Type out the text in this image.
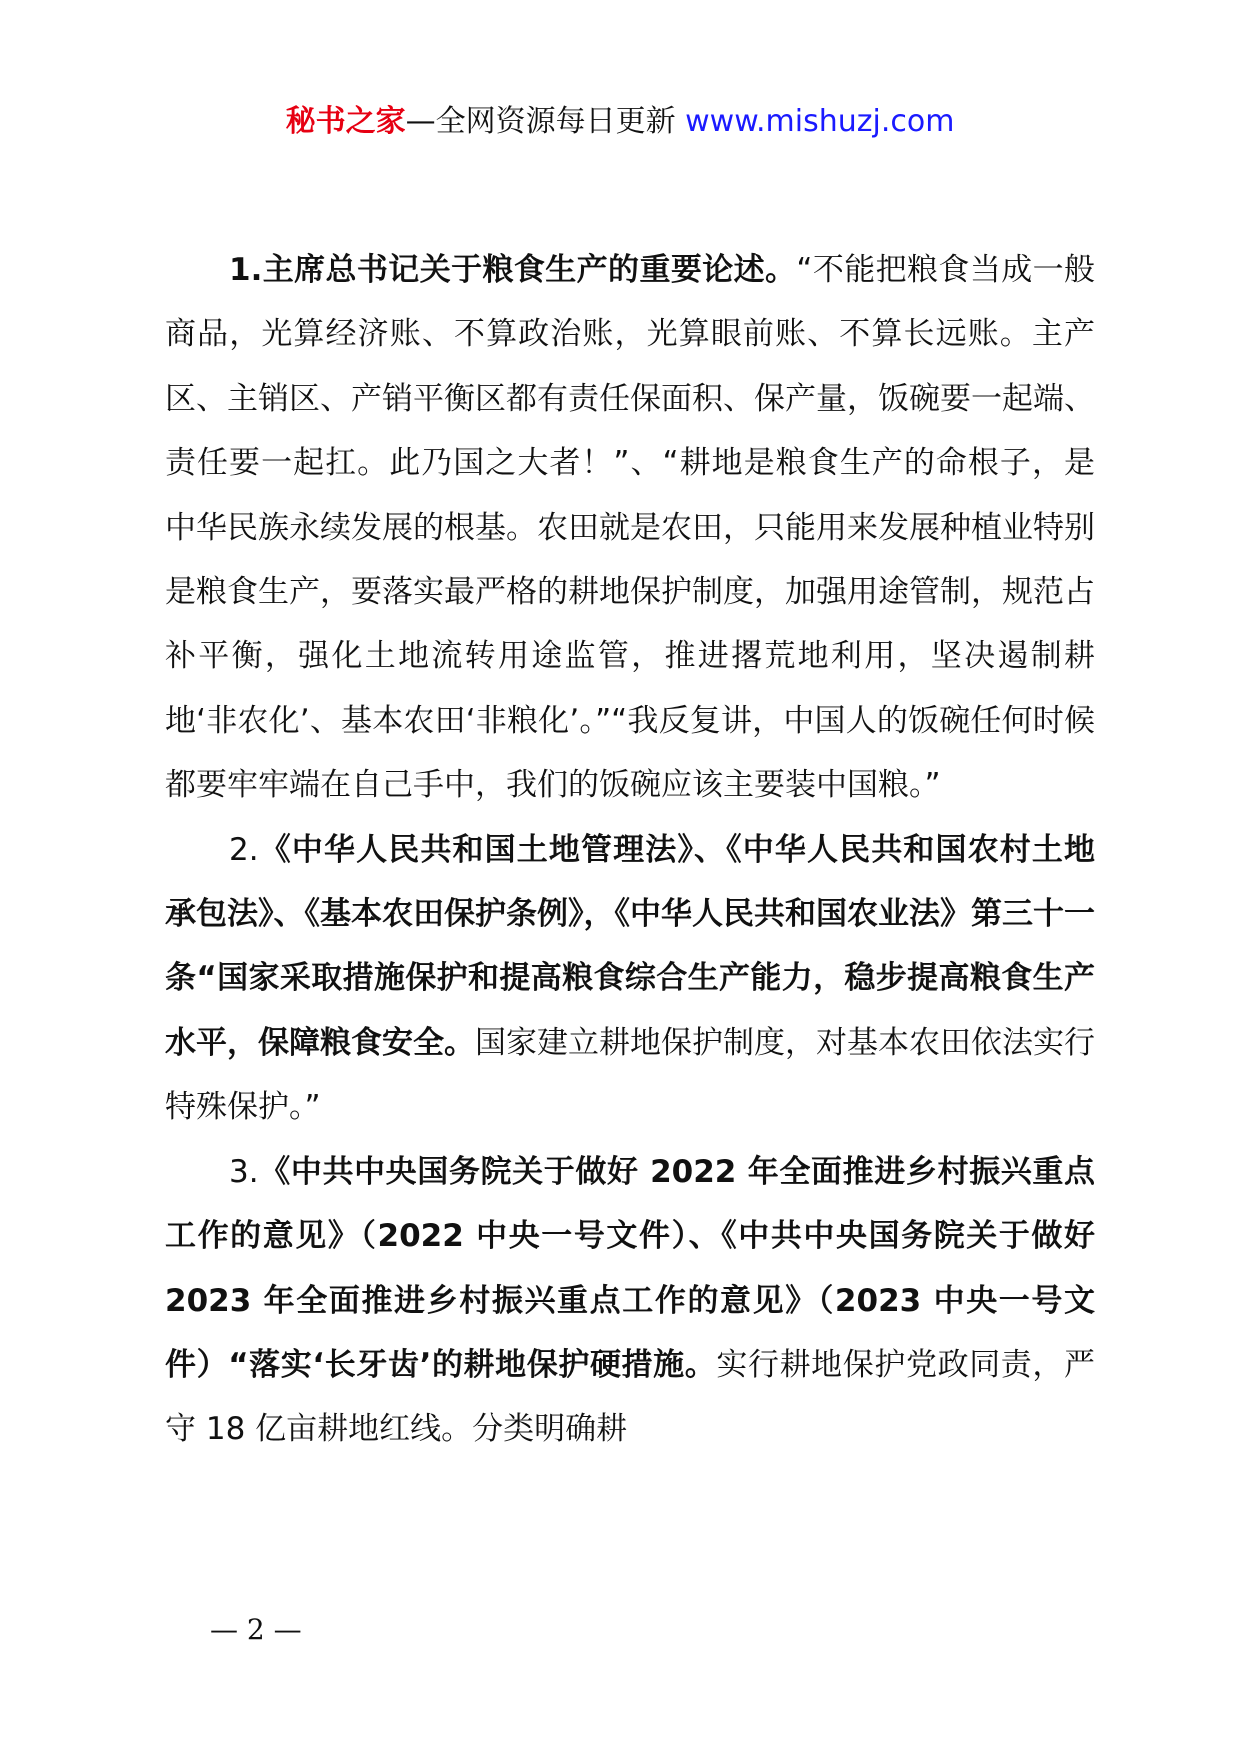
秘书之家—全网资源每日更新 www.mishuzj.com

1.主席总书记关于粮食生产的重要论述。“不能把粮食当成一般商品，光算经济账、不算政治账，光算眼前账、不算长远账。主产区、主销区、产销平衡区都有责任保面积、保产量，饭碗要一起端、责任要一起扛。此乃国之大者！”、“耕地是粮食生产的命根子，是中华民族永续发展的根基。农田就是农田，只能用来发展种植业特别是粮食生产，要落实最严格的耕地保护制度，加强用途管制，规范占补平衡，强化土地流转用途监管，推进撂荒地利用，坚决遏制耕地‘非农化’、基本农田‘非粮化’。”“我反复讲，中国人的饭碗任何时候都要牢牢端在自己手中，我们的饭碗应该主要装中国粮。”

2.《中华人民共和国土地管理法》、《中华人民共和国农村土地承包法》、《基本农田保护条例》，《中华人民共和国农业法》第三十一条“国家采取措施保护和提高粮食综合生产能力，稳步提高粮食生产水平，保障粮食安全。国家建立耕地保护制度，对基本农田依法实行特殊保护。”

3.《中共中央国务院关于做好 2022 年全面推进乡村振兴重点工作的意见》（2022 中央一号文件）、《中共中央国务院关于做好 2023 年全面推进乡村振兴重点工作的意见》（2023 中央一号文件）“落实‘长牙齿’的耕地保护硬措施。实行耕地保护党政同责，严守 18 亿亩耕地红线。分类明确耕

— 2 —
